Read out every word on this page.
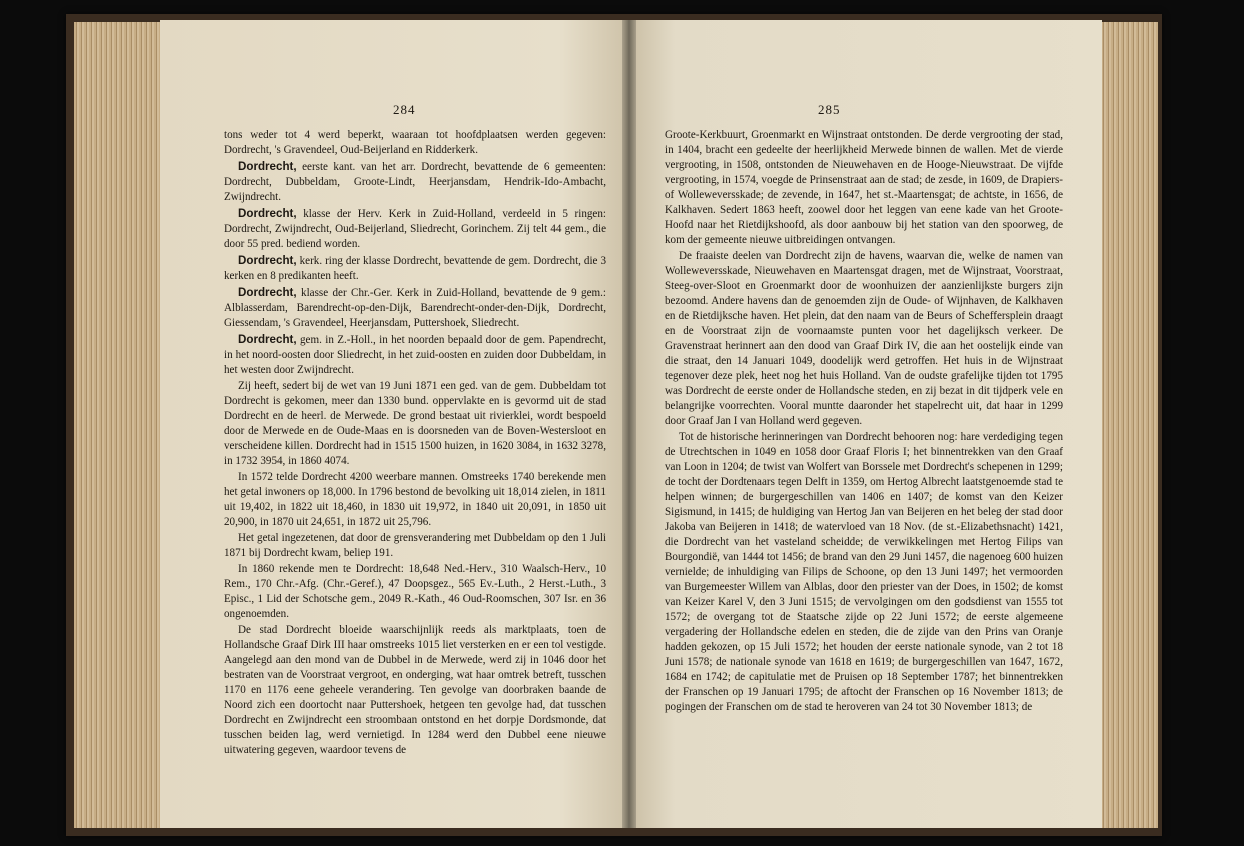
284

tons weder tot 4 werd beperkt, waaraan tot hoofdplaatsen werden gegeven: Dordrecht, 's Gravendeel, Oud-Beijerland en Ridderkerk.

Dordrecht, eerste kant. van het arr. Dordrecht, bevattende de 6 gemeenten: Dordrecht, Dubbeldam, Groote-Lindt, Heerjansdam, Hendrik-Ido-Ambacht, Zwijndrecht.

Dordrecht, klasse der Herv. Kerk in Zuid-Holland, verdeeld in 5 ringen: Dordrecht, Zwijndrecht, Oud-Beijerland, Sliedrecht, Gorinchem. Zij telt 44 gem., die door 55 pred. bediend worden.

Dordrecht, kerk. ring der klasse Dordrecht, bevattende de gem. Dordrecht, die 3 kerken en 8 predikanten heeft.

Dordrecht, klasse der Chr.-Ger. Kerk in Zuid-Holland, bevattende de 9 gem.: Alblasserdam, Barendrecht-op-den-Dijk, Barendrecht-onder-den-Dijk, Dordrecht, Giessendam, 's Gravendeel, Heerjansdam, Puttershoek, Sliedrecht.

Dordrecht, gem. in Z.-Holl., in het noorden bepaald door de gem. Papendrecht, in het noord-oosten door Sliedrecht, in het zuid-oosten en zuiden door Dubbeldam, in het westen door Zwijndrecht.

Zij heeft, sedert bij de wet van 19 Juni 1871 een ged. van de gem. Dubbeldam tot Dordrecht is gekomen, meer dan 1330 bund. oppervlakte en is gevormd uit de stad Dordrecht en de heerl. de Merwede. De grond bestaat uit rivierklei, wordt bespoeld door de Merwede en de Oude-Maas en is doorsneden van de Boven-Westersloot en verscheidene killen. Dordrecht had in 1515 1500 huizen, in 1620 3084, in 1632 3278, in 1732 3954, in 1860 4074.

In 1572 telde Dordrecht 4200 weerbare mannen. Omstreeks 1740 berekende men het getal inwoners op 18,000. In 1796 bestond de bevolking uit 18,014 zielen, in 1811 uit 19,402, in 1822 uit 18,460, in 1830 uit 19,972, in 1840 uit 20,091, in 1850 uit 20,900, in 1870 uit 24,651, in 1872 uit 25,796.

Het getal ingezetenen, dat door de grensverandering met Dubbeldam op den 1 Juli 1871 bij Dordrecht kwam, beliep 191.

In 1860 rekende men te Dordrecht: 18,648 Ned.-Herv., 310 Waalsch-Herv., 10 Rem., 170 Chr.-Afg. (Chr.-Geref.), 47 Doopsgez., 565 Ev.-Luth., 2 Herst.-Luth., 3 Episc., 1 Lid der Schotsche gem., 2049 R.-Kath., 46 Oud-Roomschen, 307 Isr. en 36 ongenoemden.

De stad Dordrecht bloeide waarschijnlijk reeds als marktplaats, toen de Hollandsche Graaf Dirk III haar omstreeks 1015 liet versterken en er een tol vestigde. Aangelegd aan den mond van de Dubbel in de Merwede, werd zij in 1046 door het bestraten van de Voorstraat vergroot, en onderging, wat haar omtrek betreft, tusschen 1170 en 1176 eene geheele verandering. Ten gevolge van doorbraken baande de Noord zich een doortocht naar Puttershoek, hetgeen ten gevolge had, dat tusschen Dordrecht en Zwijndrecht een stroombaan ontstond en het dorpje Dordsmonde, dat tusschen beiden lag, werd vernietigd. In 1284 werd den Dubbel eene nieuwe uitwatering gegeven, waardoor tevens de

285

Groote-Kerkbuurt, Groenmarkt en Wijnstraat ontstonden. De derde vergrooting der stad, in 1404, bracht een gedeelte der heerlijkheid Merwede binnen de wallen. Met de vierde vergrooting, in 1508, ontstonden de Nieuwehaven en de Hooge-Nieuwstraat. De vijfde vergrooting, in 1574, voegde de Prinsenstraat aan de stad; de zesde, in 1609, de Drapiers- of Wolleweversskade; de zevende, in 1647, het st.-Maartensgat; de achtste, in 1656, de Kalkhaven. Sedert 1863 heeft, zoowel door het leggen van eene kade van het Groote-Hoofd naar het Rietdijkshoofd, als door aanbouw bij het station van den spoorweg, de kom der gemeente nieuwe uitbreidingen ontvangen.

De fraaiste deelen van Dordrecht zijn de havens, waarvan die, welke de namen van Wolleweversskade, Nieuwehaven en Maartensgat dragen, met de Wijnstraat, Voorstraat, Steeg-over-Sloot en Groenmarkt door de woonhuizen der aanzienlijkste burgers zijn bezoomd. Andere havens dan de genoemden zijn de Oude- of Wijnhaven, de Kalkhaven en de Rietdijksche haven. Het plein, dat den naam van de Beurs of Scheffersplein draagt en de Voorstraat zijn de voornaamste punten voor het dagelijksch verkeer. De Gravenstraat herinnert aan den dood van Graaf Dirk IV, die aan het oostelijk einde van die straat, den 14 Januari 1049, doodelijk werd getroffen. Het huis in de Wijnstraat tegenover deze plek, heet nog het huis Holland. Van de oudste grafelijke tijden tot 1795 was Dordrecht de eerste onder de Hollandsche steden, en zij bezat in dit tijdperk vele en belangrijke voorrechten. Vooral muntte daaronder het stapelrecht uit, dat haar in 1299 door Graaf Jan I van Holland werd gegeven.

Tot de historische herinneringen van Dordrecht behooren nog: hare verdediging tegen de Utrechtschen in 1049 en 1058 door Graaf Floris I; het binnentrekken van den Graaf van Loon in 1204; de twist van Wolfert van Borssele met Dordrecht's schepenen in 1299; de tocht der Dordtenaars tegen Delft in 1359, om Hertog Albrecht laatstgenoemde stad te helpen winnen; de burgergeschillen van 1406 en 1407; de komst van den Keizer Sigismund, in 1415; de huldiging van Hertog Jan van Beijeren en het beleg der stad door Jakoba van Beijeren in 1418; de watervloed van 18 Nov. (de st.-Elizabethsnacht) 1421, die Dordrecht van het vasteland scheidde; de verwikkelingen met Hertog Filips van Bourgondië, van 1444 tot 1456; de brand van den 29 Juni 1457, die nagenoeg 600 huizen vernielde; de inhuldiging van Filips de Schoone, op den 13 Juni 1497; het vermoorden van Burgemeester Willem van Alblas, door den priester van der Does, in 1502; de komst van Keizer Karel V, den 3 Juni 1515; de vervolgingen om den godsdienst van 1555 tot 1572; de overgang tot de Staatsche zijde op 22 Juni 1572; de eerste algemeene vergadering der Hollandsche edelen en steden, die de zijde van den Prins van Oranje hadden gekozen, op 15 Juli 1572; het houden der eerste nationale synode, van 2 tot 18 Juni 1578; de nationale synode van 1618 en 1619; de burgergeschillen van 1647, 1672, 1684 en 1742; de capitulatie met de Pruisen op 18 September 1787; het binnentrekken der Franschen op 19 Januari 1795; de aftocht der Franschen op 16 November 1813; de pogingen der Franschen om de stad te heroveren van 24 tot 30 November 1813; de
